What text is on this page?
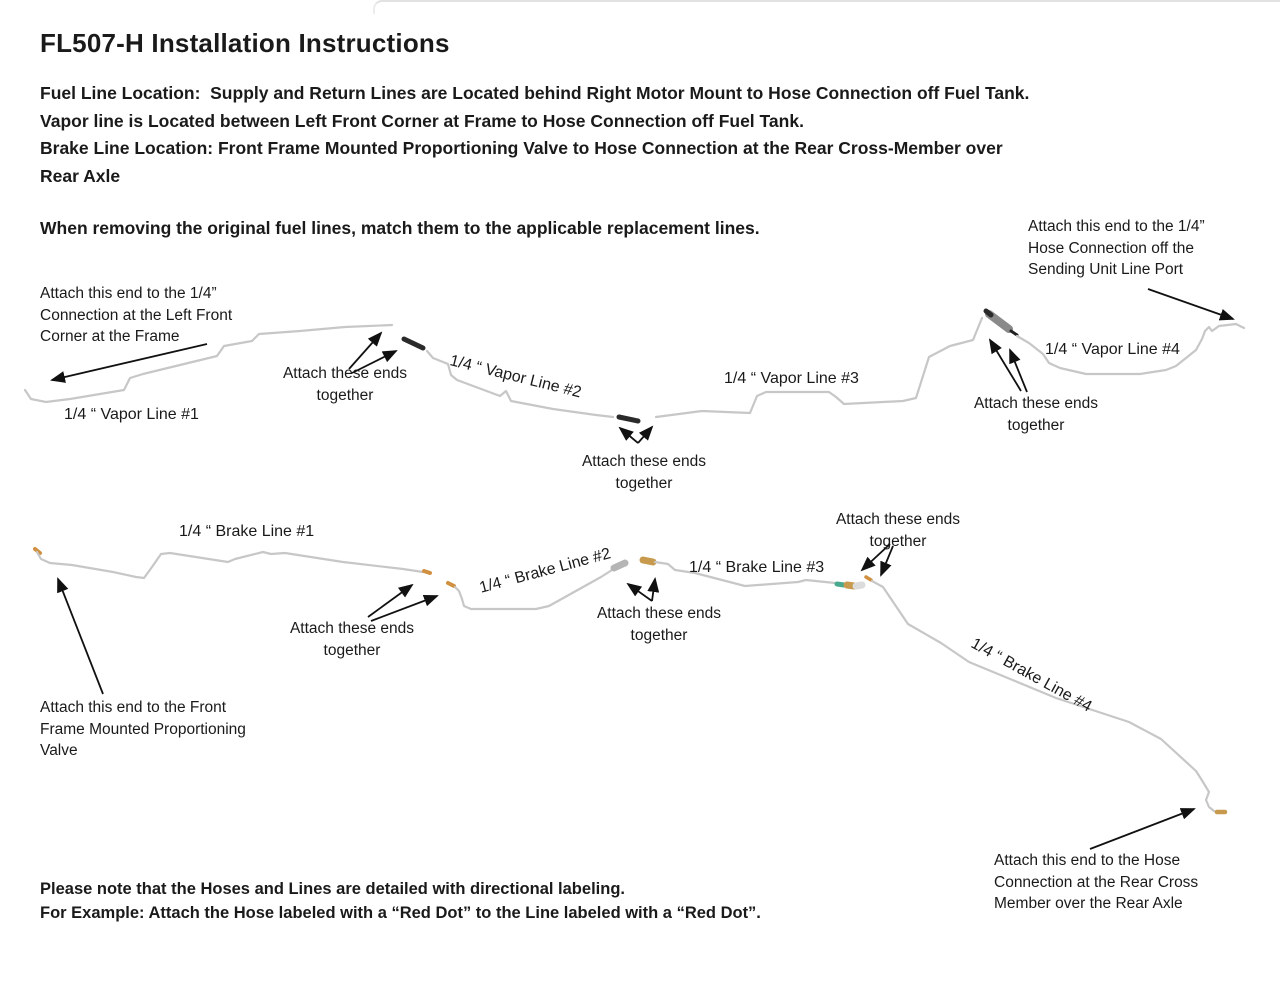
FL507-H Installation Instructions
Fuel Line Location:  Supply and Return Lines are Located behind Right Motor Mount to Hose Connection off Fuel Tank.
Vapor line is Located between Left Front Corner at Frame to Hose Connection off Fuel Tank.
Brake Line Location: Front Frame Mounted Proportioning Valve to Hose Connection at the Rear Cross-Member over
Rear Axle
When removing the original fuel lines, match them to the applicable replacement lines.	Attach this end to the 1/4”
Hose Connection off the
Sending Unit Line Port
Attach this end to the 1/4”
Connection at the Left Front
Corner at the Frame
Attach these ends
together
Attach these ends
together
Attach these ends
together
Attach these ends
together
Attach these ends
together
Attach these ends
together
Attach this end to the Front
Frame Mounted Proportioning
Valve
Attach this end to the Hose
Connection at the Rear Cross
Member over the Rear Axle
1/4 “ Vapor Line #1
1/4 “ Vapor Line #2	1/4 “ Vapor Line #3
1/4 “ Vapor Line #4
1/4 “ Brake Line #1
1/4 “ Brake Line #2	1/4 “ Brake Line #3
1/4 “ Brake Line #4
Please note that the Hoses and Lines are detailed with directional labeling.
For Example: Attach the Hose labeled with a “Red Dot” to the Line labeled with a “Red Dot”.
